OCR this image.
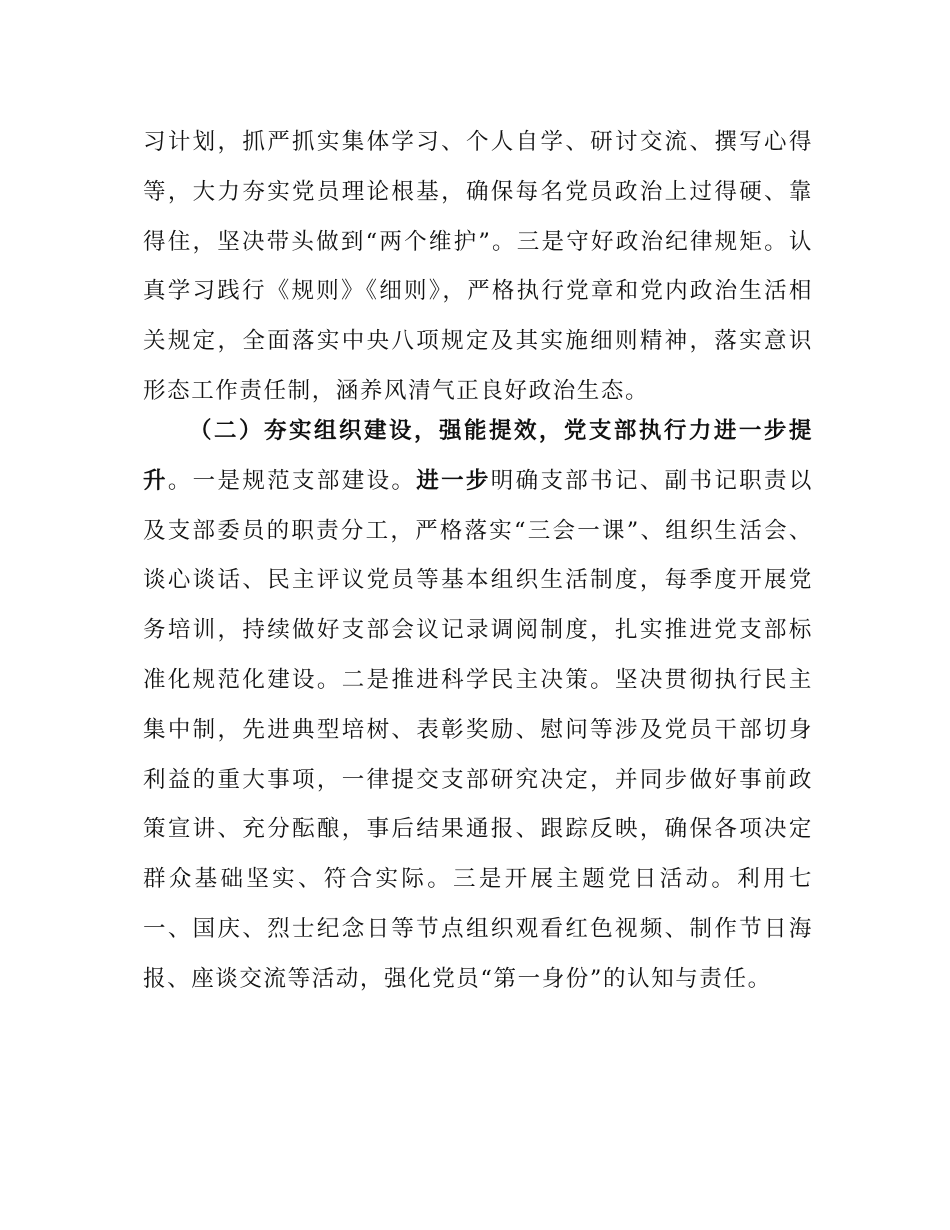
习计划，抓严抓实集体学习、个人自学、研讨交流、撰写心得等，大力夯实党员理论根基，确保每名党员政治上过得硬、靠得住，坚决带头做到“两个维护”。三是守好政治纪律规矩。认真学习践行《规则》《细则》，严格执行党章和党内政治生活相关规定，全面落实中央八项规定及其实施细则精神，落实意识形态工作责任制，涵养风清气正良好政治生态。

（二）夯实组织建设，强能提效，党支部执行力进一步提升。一是规范支部建设。进一步明确支部书记、副书记职责以及支部委员的职责分工，严格落实“三会一课”、组织生活会、谈心谈话、民主评议党员等基本组织生活制度，每季度开展党务培训，持续做好支部会议记录调阅制度，扎实推进党支部标准化规范化建设。二是推进科学民主决策。坚决贯彻执行民主集中制，先进典型培树、表彰奖励、慰问等涉及党员干部切身利益的重大事项，一律提交支部研究决定，并同步做好事前政策宣讲、充分酝酿，事后结果通报、跟踪反映，确保各项决定群众基础坚实、符合实际。三是开展主题党日活动。利用七一、国庆、烈士纪念日等节点组织观看红色视频、制作节日海报、座谈交流等活动，强化党员“第一身份”的认知与责任。
